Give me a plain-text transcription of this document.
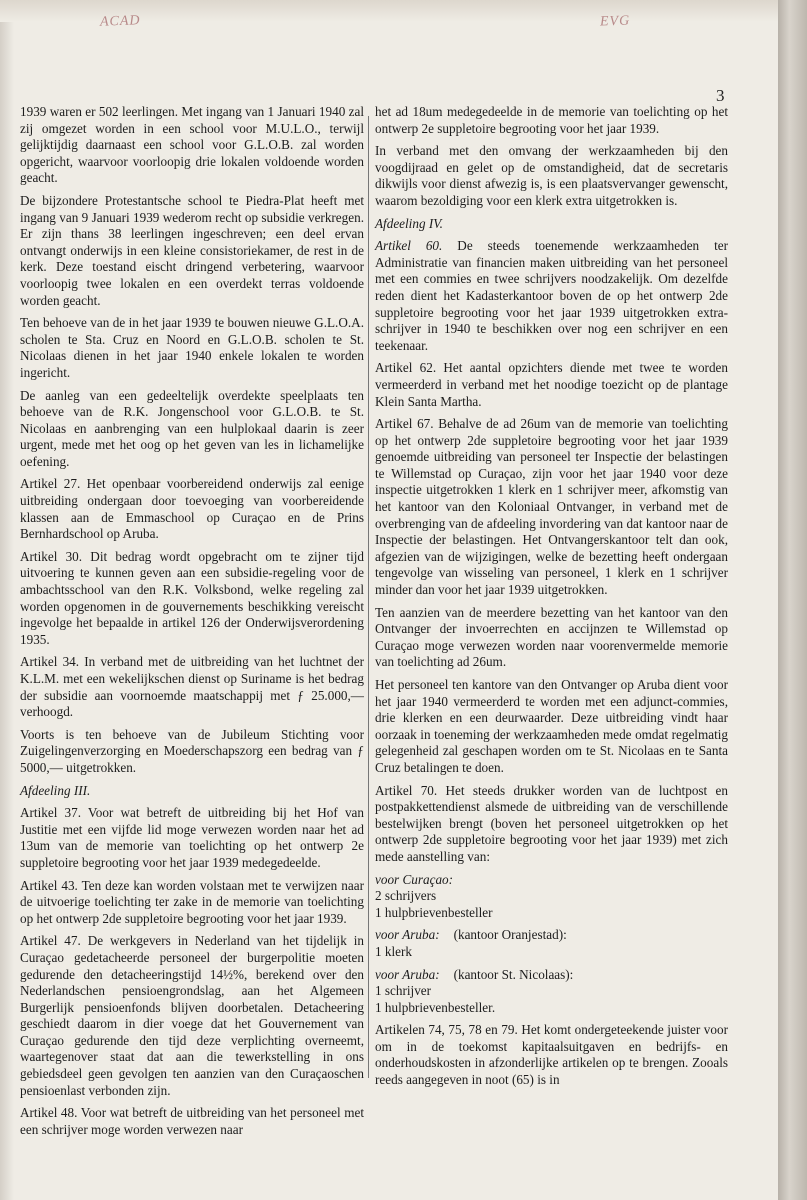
ACAD	EVG
3

1939 waren er 502 leerlingen. Met ingang van 1 Januari 1940 zal zij omgezet worden in een school voor M.U.L.O., terwijl gelijktijdig daarnaast een school voor G.L.O.B. zal worden opgericht, waarvoor voorloopig drie lokalen voldoende worden geacht.

De bijzondere Protestantsche school te Piedra-Plat heeft met ingang van 9 Januari 1939 wederom recht op subsidie verkregen. Er zijn thans 38 leerlingen ingeschreven; een deel ervan ontvangt onderwijs in een kleine consistoriekamer, de rest in de kerk. Deze toestand eischt dringend verbetering, waarvoor voorloopig twee lokalen en een overdekt terras voldoende worden geacht.

Ten behoeve van de in het jaar 1939 te bouwen nieuwe G.L.O.A. scholen te Sta. Cruz en Noord en G.L.O.B. scholen te St. Nicolaas dienen in het jaar 1940 enkele lokalen te worden ingericht.

De aanleg van een gedeeltelijk overdekte speelplaats ten behoeve van de R.K. Jongenschool voor G.L.O.B. te St. Nicolaas en aanbrenging van een hulplokaal daarin is zeer urgent, mede met het oog op het geven van les in lichamelijke oefening.

Artikel 27. Het openbaar voorbereidend onderwijs zal eenige uitbreiding ondergaan door toevoeging van voorbereidende klassen aan de Emmaschool op Curaçao en de Prins Bernhardschool op Aruba.

Artikel 30. Dit bedrag wordt opgebracht om te zijner tijd uitvoering te kunnen geven aan een subsidie-regeling voor de ambachtsschool van den R.K. Volksbond, welke regeling zal worden opgenomen in de gouvernements beschikking vereischt ingevolge het bepaalde in artikel 126 der Onderwijsverordening 1935.

Artikel 34. In verband met de uitbreiding van het luchtnet der K.L.M. met een wekelijkschen dienst op Suriname is het bedrag der subsidie aan voornoemde maatschappij met ƒ 25.000,— verhoogd.

Voorts is ten behoeve van de Jubileum Stichting voor Zuigelingenverzorging en Moederschapszorg een bedrag van ƒ 5000,— uitgetrokken.

Afdeeling III.

Artikel 37. Voor wat betreft de uitbreiding bij het Hof van Justitie met een vijfde lid moge verwezen worden naar het ad 13um van de memorie van toelichting op het ontwerp 2e suppletoire begrooting voor het jaar 1939 medegedeelde.

Artikel 43. Ten deze kan worden volstaan met te verwijzen naar de uitvoerige toelichting ter zake in de memorie van toelichting op het ontwerp 2de suppletoire begrooting voor het jaar 1939.

Artikel 47. De werkgevers in Nederland van het tijdelijk in Curaçao gedetacheerde personeel der burgerpolitie moeten gedurende den detacheeringstijd 14½%, berekend over den Nederlandschen pensioengrondslag, aan het Algemeen Burgerlijk pensioenfonds blijven doorbetalen. Detacheering geschiedt daarom in dier voege dat het Gouvernement van Curaçao gedurende den tijd deze verplichting overneemt, waartegenover staat dat aan die tewerkstelling in ons gebiedsdeel geen gevolgen ten aanzien van den Curaçaoschen pensioenlast verbonden zijn.

Artikel 48. Voor wat betreft de uitbreiding van het personeel met een schrijver moge worden verwezen naar

het ad 18um medegedeelde in de memorie van toelichting op het ontwerp 2e suppletoire begrooting voor het jaar 1939.

In verband met den omvang der werkzaamheden bij den voogdijraad en gelet op de omstandigheid, dat de secretaris dikwijls voor dienst afwezig is, is een plaatsvervanger gewenscht, waarom bezoldiging voor een klerk extra uitgetrokken is.

Afdeeling IV.

Artikel 60. De steeds toenemende werkzaamheden ter Administratie van financien maken uitbreiding van het personeel met een commies en twee schrijvers noodzakelijk. Om dezelfde reden dient het Kadasterkantoor boven de op het ontwerp 2de suppletoire begrooting voor het jaar 1939 uitgetrokken extra-schrijver in 1940 te beschikken over nog een schrijver en een teekenaar.

Artikel 62. Het aantal opzichters diende met twee te worden vermeerderd in verband met het noodige toezicht op de plantage Klein Santa Martha.

Artikel 67. Behalve de ad 26um van de memorie van toelichting op het ontwerp 2de suppletoire begrooting voor het jaar 1939 genoemde uitbreiding van personeel ter Inspectie der belastingen te Willemstad op Curaçao, zijn voor het jaar 1940 voor deze inspectie uitgetrokken 1 klerk en 1 schrijver meer, afkomstig van het kantoor van den Koloniaal Ontvanger, in verband met de overbrenging van de afdeeling invordering van dat kantoor naar de Inspectie der belastingen. Het Ontvangerskantoor telt dan ook, afgezien van de wijzigingen, welke de bezetting heeft ondergaan tengevolge van wisseling van personeel, 1 klerk en 1 schrijver minder dan voor het jaar 1939 uitgetrokken.

Ten aanzien van de meerdere bezetting van het kantoor van den Ontvanger der invoerrechten en accijnzen te Willemstad op Curaçao moge verwezen worden naar voorenvermelde memorie van toelichting ad 26um.

Het personeel ten kantore van den Ontvanger op Aruba dient voor het jaar 1940 vermeerderd te worden met een adjunct-commies, drie klerken en een deurwaarder. Deze uitbreiding vindt haar oorzaak in toeneming der werkzaamheden mede omdat regelmatig gelegenheid zal geschapen worden om te St. Nicolaas en te Santa Cruz betalingen te doen.

Artikel 70. Het steeds drukker worden van de luchtpost en postpakkettendienst alsmede de uitbreiding van de verschillende bestelwijken brengt (boven het personeel uitgetrokken op het ontwerp 2de suppletoire begrooting voor het jaar 1939) met zich mede aanstelling van:

voor Curaçao:
2 schrijvers
1 hulpbrievenbesteller
voor Aruba: (kantoor Oranjestad):
1 klerk
voor Aruba: (kantoor St. Nicolaas):
1 schrijver
1 hulpbrievenbesteller.

Artikelen 74, 75, 78 en 79. Het komt ondergeteekende juister voor om in de toekomst kapitaalsuitgaven en bedrijfs- en onderhoudskosten in afzonderlijke artikelen op te brengen. Zooals reeds aangegeven in noot (65) is in
